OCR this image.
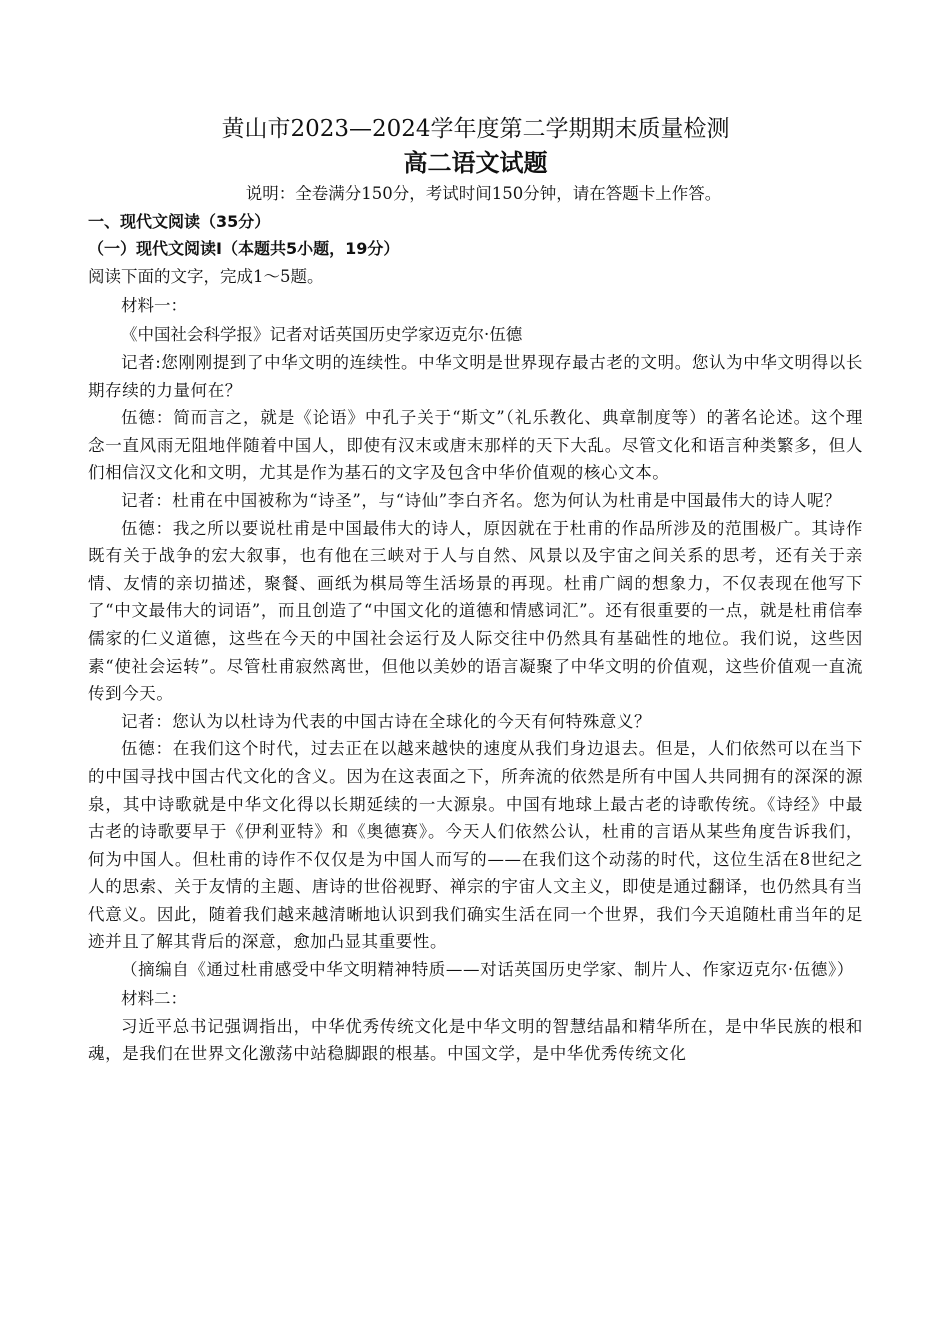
黄山市2023—2024学年度第二学期期末质量检测
高二语文试题

说明：全卷满分150分，考试时间150分钟，请在答题卡上作答。

一、现代文阅读（35分）

（一）现代文阅读Ⅰ（本题共5小题，19分）

阅读下面的文字，完成1～5题。

材料一：

《中国社会科学报》记者对话英国历史学家迈克尔·伍德

记者:您刚刚提到了中华文明的连续性。中华文明是世界现存最古老的文明。您认为中华文明得以长期存续的力量何在？

伍德：简而言之，就是《论语》中孔子关于“斯文”（礼乐教化、典章制度等）的著名论述。这个理念一直风雨无阻地伴随着中国人，即使有汉末或唐末那样的天下大乱。尽管文化和语言种类繁多，但人们相信汉文化和文明，尤其是作为基石的文字及包含中华价值观的核心文本。

记者：杜甫在中国被称为“诗圣”，与“诗仙”李白齐名。您为何认为杜甫是中国最伟大的诗人呢？

伍德：我之所以要说杜甫是中国最伟大的诗人，原因就在于杜甫的作品所涉及的范围极广。其诗作既有关于战争的宏大叙事，也有他在三峡对于人与自然、风景以及宇宙之间关系的思考，还有关于亲情、友情的亲切描述，聚餐、画纸为棋局等生活场景的再现。杜甫广阔的想象力，不仅表现在他写下了“中文最伟大的词语”，而且创造了“中国文化的道德和情感词汇”。还有很重要的一点，就是杜甫信奉儒家的仁义道德，这些在今天的中国社会运行及人际交往中仍然具有基础性的地位。我们说，这些因素“使社会运转”。尽管杜甫寂然离世，但他以美妙的语言凝聚了中华文明的价值观，这些价值观一直流传到今天。

记者：您认为以杜诗为代表的中国古诗在全球化的今天有何特殊意义？

伍德：在我们这个时代，过去正在以越来越快的速度从我们身边退去。但是，人们依然可以在当下的中国寻找中国古代文化的含义。因为在这表面之下，所奔流的依然是所有中国人共同拥有的深深的源泉，其中诗歌就是中华文化得以长期延续的一大源泉。中国有地球上最古老的诗歌传统。《诗经》中最古老的诗歌要早于《伊利亚特》和《奥德赛》。今天人们依然公认，杜甫的言语从某些角度告诉我们，何为中国人。但杜甫的诗作不仅仅是为中国人而写的——在我们这个动荡的时代，这位生活在8世纪之人的思索、关于友情的主题、唐诗的世俗视野、禅宗的宇宙人文主义，即使是通过翻译，也仍然具有当代意义。因此，随着我们越来越清晰地认识到我们确实生活在同一个世界，我们今天追随杜甫当年的足迹并且了解其背后的深意，愈加凸显其重要性。

（摘编自《通过杜甫感受中华文明精神特质——对话英国历史学家、制片人、作家迈克尔·伍德》）

材料二：

习近平总书记强调指出，中华优秀传统文化是中华文明的智慧结晶和精华所在，是中华民族的根和魂，是我们在世界文化激荡中站稳脚跟的根基。中国文学，是中华优秀传统文化
